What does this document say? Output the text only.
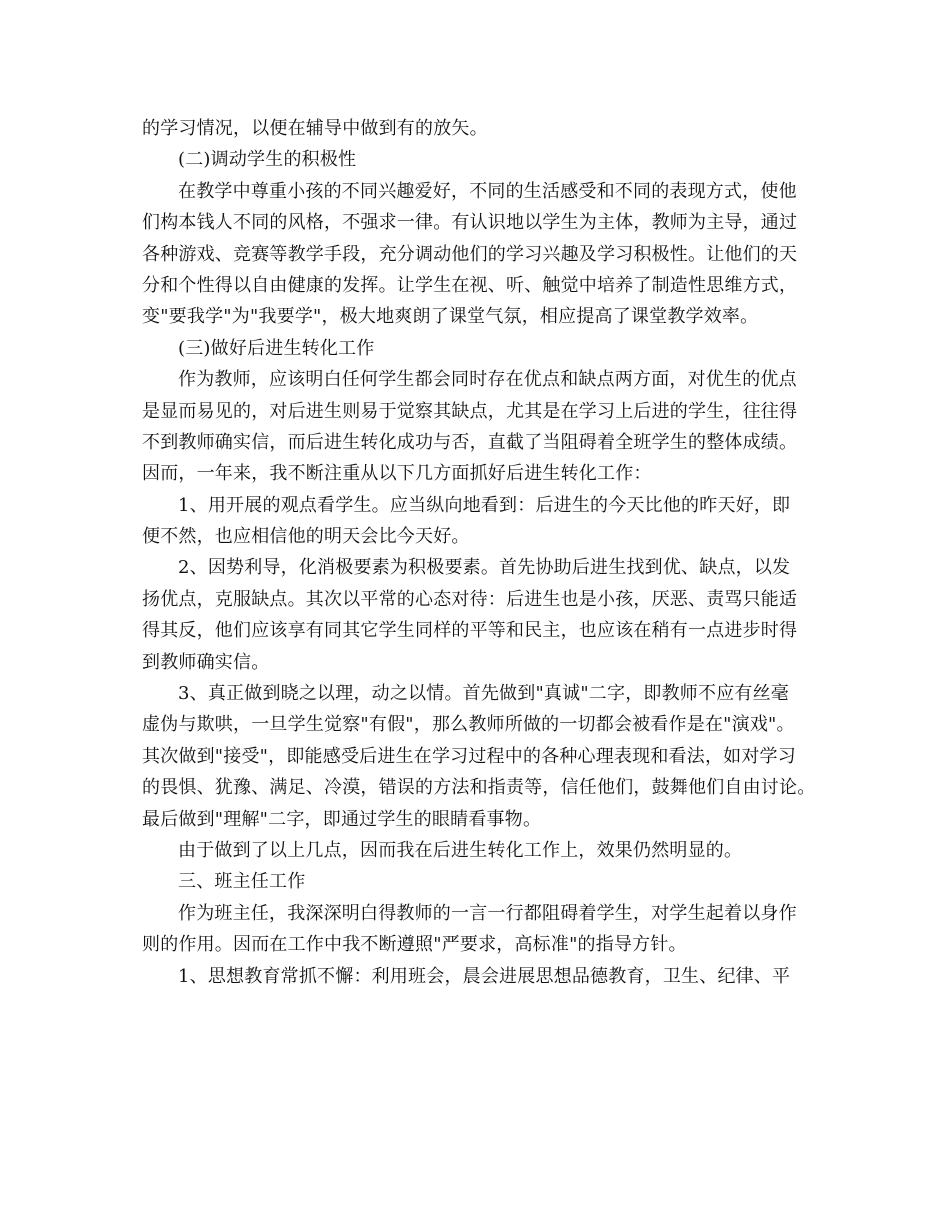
的学习情况，以便在辅导中做到有的放矢。
(二)调动学生的积极性
在教学中尊重小孩的不同兴趣爱好，不同的生活感受和不同的表现方式，使他
们构本钱人不同的风格，不强求一律。有认识地以学生为主体，教师为主导，通过
各种游戏、竞赛等教学手段，充分调动他们的学习兴趣及学习积极性。让他们的天
分和个性得以自由健康的发挥。让学生在视、听、触觉中培养了制造性思维方式，
变"要我学"为"我要学"，极大地爽朗了课堂气氛，相应提高了课堂教学效率。
(三)做好后进生转化工作
作为教师，应该明白任何学生都会同时存在优点和缺点两方面，对优生的优点
是显而易见的，对后进生则易于觉察其缺点，尤其是在学习上后进的学生，往往得
不到教师确实信，而后进生转化成功与否，直截了当阻碍着全班学生的整体成绩。
因而，一年来，我不断注重从以下几方面抓好后进生转化工作：
1、用开展的观点看学生。应当纵向地看到：后进生的今天比他的昨天好，即
便不然，也应相信他的明天会比今天好。
2、因势利导，化消极要素为积极要素。首先协助后进生找到优、缺点，以发
扬优点，克服缺点。其次以平常的心态对待：后进生也是小孩，厌恶、责骂只能适
得其反，他们应该享有同其它学生同样的平等和民主，也应该在稍有一点进步时得
到教师确实信。
3、真正做到晓之以理，动之以情。首先做到"真诚"二字，即教师不应有丝毫
虚伪与欺哄，一旦学生觉察"有假"，那么教师所做的一切都会被看作是在"演戏"。
其次做到"接受"，即能感受后进生在学习过程中的各种心理表现和看法，如对学习
的畏惧、犹豫、满足、冷漠，错误的方法和指责等，信任他们，鼓舞他们自由讨论。
最后做到"理解"二字，即通过学生的眼睛看事物。
由于做到了以上几点，因而我在后进生转化工作上，效果仍然明显的。
三、班主任工作
作为班主任，我深深明白得教师的一言一行都阻碍着学生，对学生起着以身作
则的作用。因而在工作中我不断遵照"严要求，高标准"的指导方针。
1、思想教育常抓不懈：利用班会，晨会进展思想品德教育，卫生、纪律、平
